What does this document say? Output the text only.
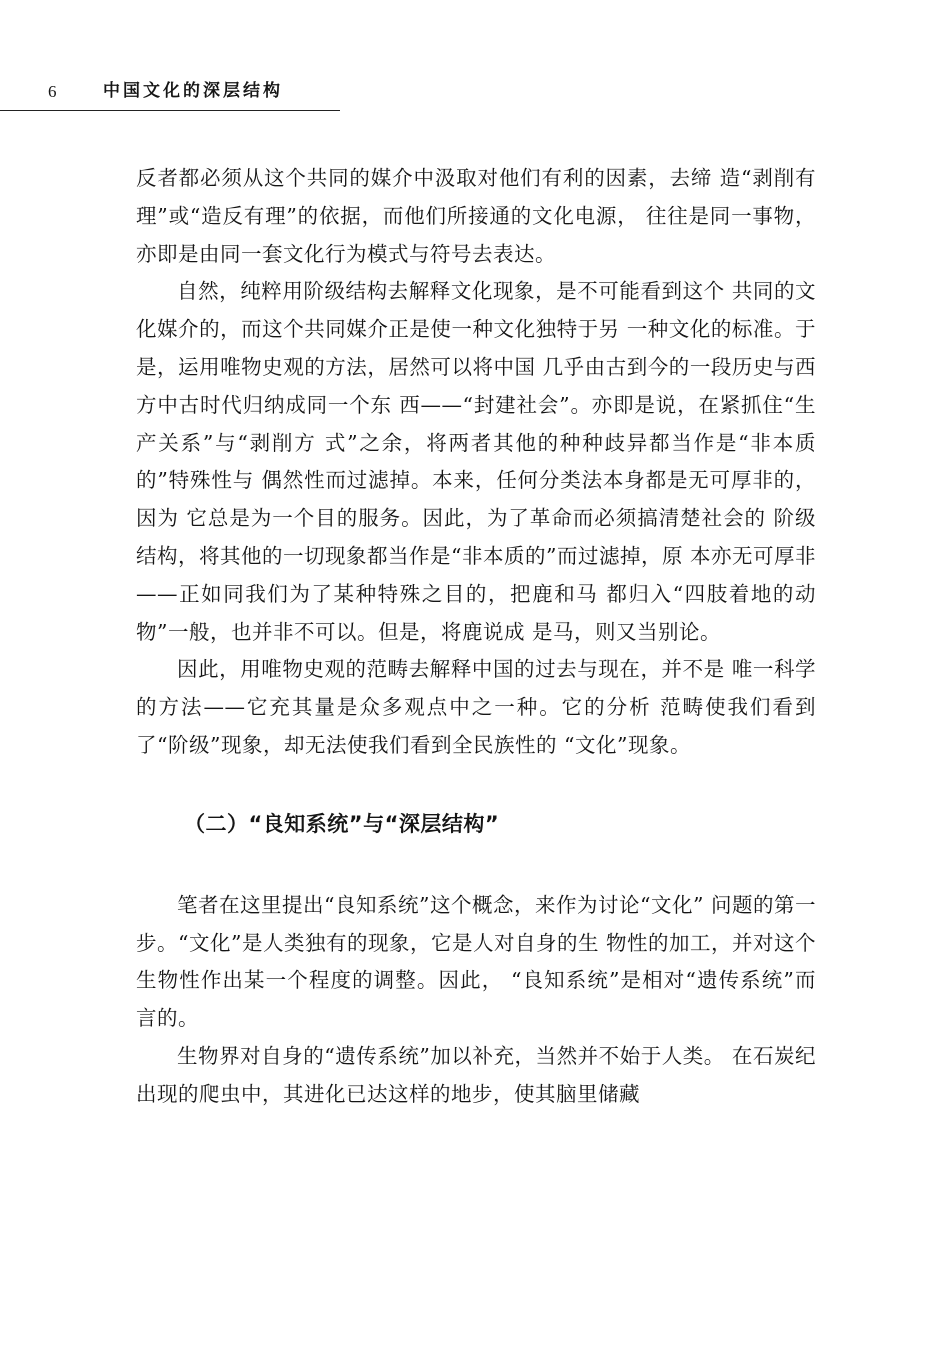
6	中国文化的深层结构

反者都必须从这个共同的媒介中汲取对他们有利的因素，去缔 造“剥削有理”或“造反有理”的依据，而他们所接通的文化电源， 往往是同一事物，亦即是由同一套文化行为模式与符号去表达。

自然，纯粹用阶级结构去解释文化现象，是不可能看到这个 共同的文化媒介的，而这个共同媒介正是使一种文化独特于另 一种文化的标准。于是，运用唯物史观的方法，居然可以将中国 几乎由古到今的一段历史与西方中古时代归纳成同一个东 西——“封建社会”。亦即是说，在紧抓住“生产关系”与“剥削方 式”之余，将两者其他的种种歧异都当作是“非本质的”特殊性与 偶然性而过滤掉。本来，任何分类法本身都是无可厚非的，因为 它总是为一个目的服务。因此，为了革命而必须搞清楚社会的 阶级结构，将其他的一切现象都当作是“非本质的”而过滤掉，原 本亦无可厚非——正如同我们为了某种特殊之目的，把鹿和马 都归入“四肢着地的动物”一般，也并非不可以。但是，将鹿说成 是马，则又当别论。

因此，用唯物史观的范畴去解释中国的过去与现在，并不是 唯一科学的方法——它充其量是众多观点中之一种。它的分析 范畴使我们看到了“阶级”现象，却无法使我们看到全民族性的 “文化”现象。

（二）“良知系统”与“深层结构”

笔者在这里提出“良知系统”这个概念，来作为讨论“文化” 问题的第一步。“文化”是人类独有的现象，它是人对自身的生 物性的加工，并对这个生物性作出某一个程度的调整。因此， “良知系统”是相对“遗传系统”而言的。

生物界对自身的“遗传系统”加以补充，当然并不始于人类。 在石炭纪出现的爬虫中，其进化已达这样的地步，使其脑里储藏
